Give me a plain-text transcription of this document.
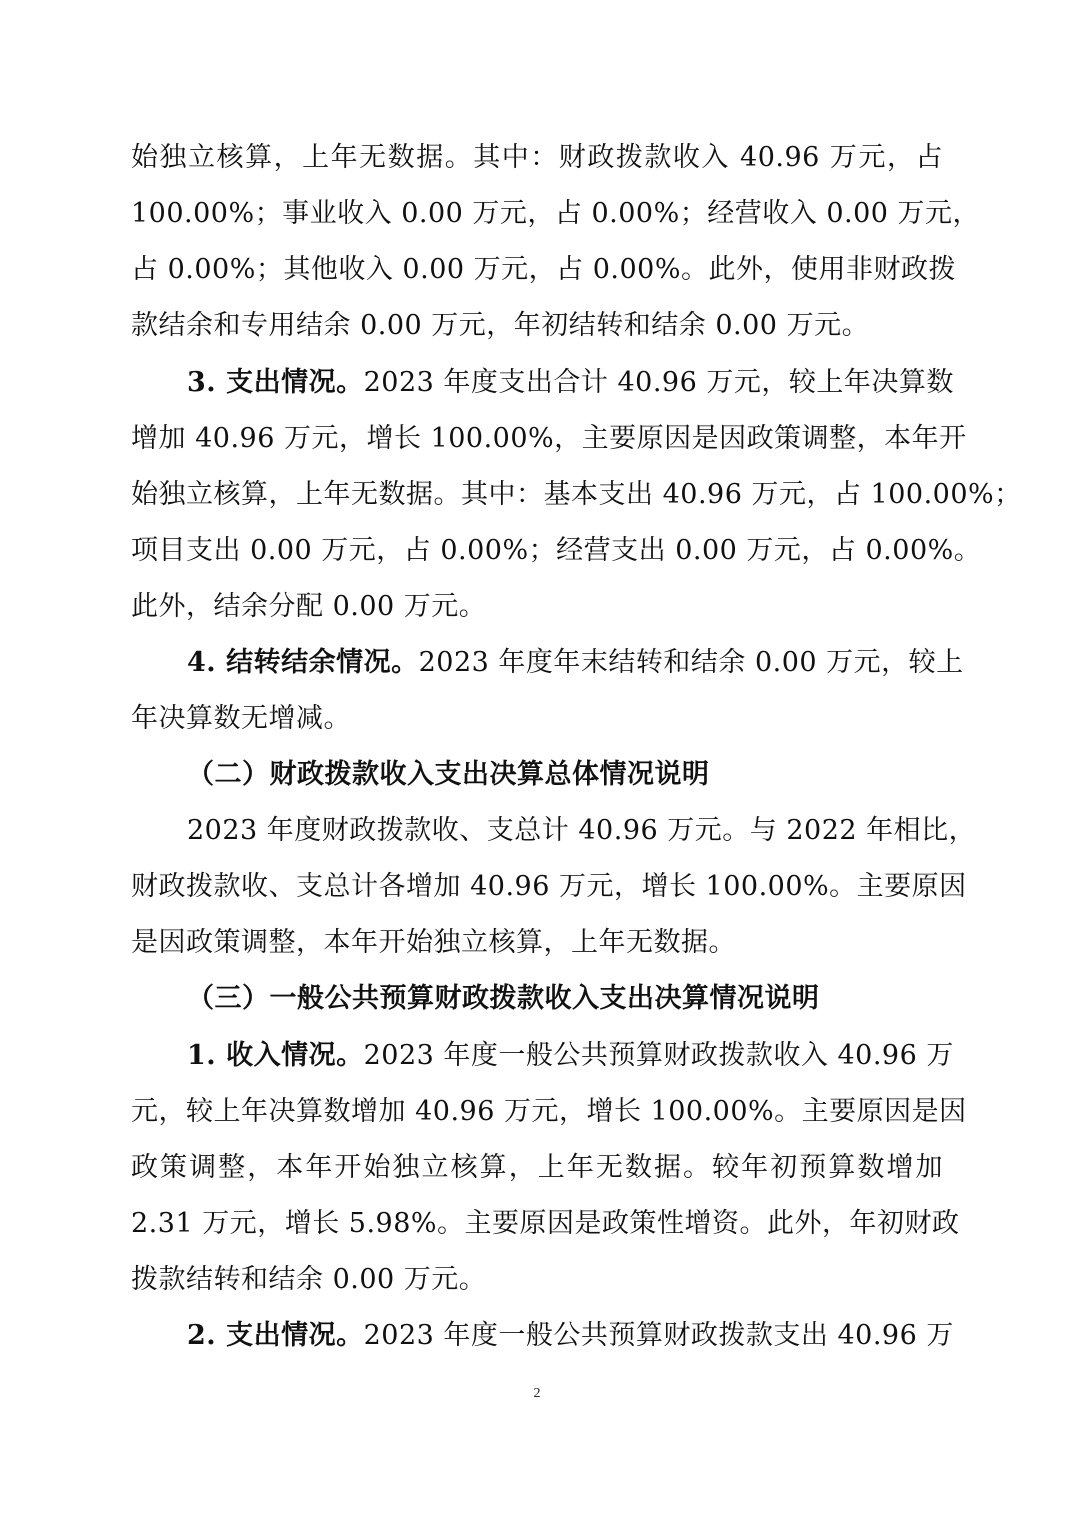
始独立核算，上年无数据。其中：财政拨款收入 40.96 万元，占
100.00%；事业收入 0.00 万元，占 0.00%；经营收入 0.00 万元，
占 0.00%；其他收入 0.00 万元，占 0.00%。此外，使用非财政拨
款结余和专用结余 0.00 万元，年初结转和结余 0.00 万元。
3. 支出情况。2023 年度支出合计 40.96 万元，较上年决算数
增加 40.96 万元，增长 100.00%，主要原因是因政策调整，本年开
始独立核算，上年无数据。其中：基本支出 40.96 万元，占 100.00%；
项目支出 0.00 万元，占 0.00%；经营支出 0.00 万元，占 0.00%。
此外，结余分配 0.00 万元。
4. 结转结余情况。2023 年度年末结转和结余 0.00 万元，较上
年决算数无增减。
（二）财政拨款收入支出决算总体情况说明
2023 年度财政拨款收、支总计 40.96 万元。与 2022 年相比，
财政拨款收、支总计各增加 40.96 万元，增长 100.00%。主要原因
是因政策调整，本年开始独立核算，上年无数据。
（三）一般公共预算财政拨款收入支出决算情况说明
1. 收入情况。2023 年度一般公共预算财政拨款收入 40.96 万
元，较上年决算数增加 40.96 万元，增长 100.00%。主要原因是因
政策调整，本年开始独立核算，上年无数据。较年初预算数增加
2.31 万元，增长 5.98%。主要原因是政策性增资。此外，年初财政
拨款结转和结余 0.00 万元。
2. 支出情况。2023 年度一般公共预算财政拨款支出 40.96 万
2
